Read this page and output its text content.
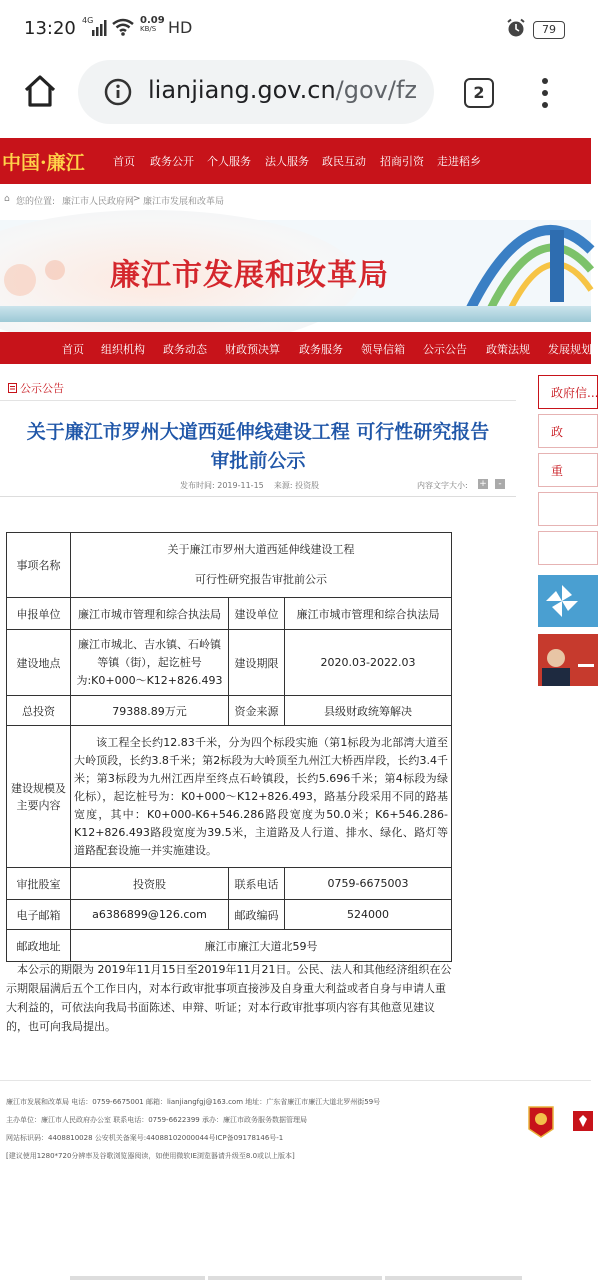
13:20 4G	0.09
KB/S HD	79
lianjiang.gov.cn/gov/fz	2
中国·廉江	首页 政务公开 个人服务 法人服务 政民互动 招商引资 走进稻乡
⌂ 您的位置: 廉江市人民政府网
> 廉江市发展和改革局
廉江市发展和改革局
首页 组织机构 政务动态 财政预决算 政务服务 领导信箱 公示公告 政策法规 发展规划
公示公告
关于廉江市罗州大道西延伸线建设工程 可行性研究报告
审批前公示
发布时间: 2019-11-15 来源: 投资股	内容文字大小: +	-
事项名称	关于廉江市罗州大道西延伸线建设工程
可行性研究报告审批前公示		

申报单位	廉江市城市管理和综合执法局	建设单位	廉江市城市管理和综合执法局
建设地点	廉江市城北、吉水镇、石岭镇等镇（街），起讫桩号为:K0+000～K12+826.493	建设期限	2020.03-2022.03
总投资	79388.89万元	资金来源	县级财政统筹解决
建设规模及主要内容	该工程全长约12.83千米，分为四个标段实施（第1标段为北部湾大道至大岭顶段，长约3.8千米；第2标段为大岭顶至九州江大桥西岸段，长约3.4千米；第3标段为九州江西岸至终点石岭镇段，长约5.696千米；第4标段为绿化标），起讫桩号为：K0+000～K12+826.493，路基分段采用不同的路基宽度，其中：K0+000-K6+546.286路段宽度为50.0米；K6+546.286-K12+826.493路段宽度为39.5米，主道路及人行道、排水、绿化、路灯等道路配套设施一并实施建设。		
审批股室	投资股	联系电话	0759-6675003
电子邮箱	a6386899@126.com	邮政编码	524000
邮政地址	廉江市廉江大道北59号		
本公示的期限为 2019年11月15日至2019年11月21日。公民、法人和其他经济组织在公示期限届满后五个工作日内，对本行政审批事项直接涉及自身重大利益或者自身与申请人重大利益的，可依法向我局书面陈述、申辩、听证；对本行政审批事项内容有其他意见建议的，也可向我局提出。
政府信...
政
重
廉江市发展和改革局 电话：0759-6675001 邮箱：lianjiangfgj@163.com 地址：广东省廉江市廉江大道北罗州街59号
主办单位：廉江市人民政府办公室 联系电话：0759-6622399 承办：廉江市政务服务数据管理局
网站标识码：4408810028 公安机关备案号:44088102000044号ICP备09178146号-1
[建议使用1280*720分辨率及谷歌浏览器阅读，如使用微软IE浏览器请升级至8.0或以上版本]
